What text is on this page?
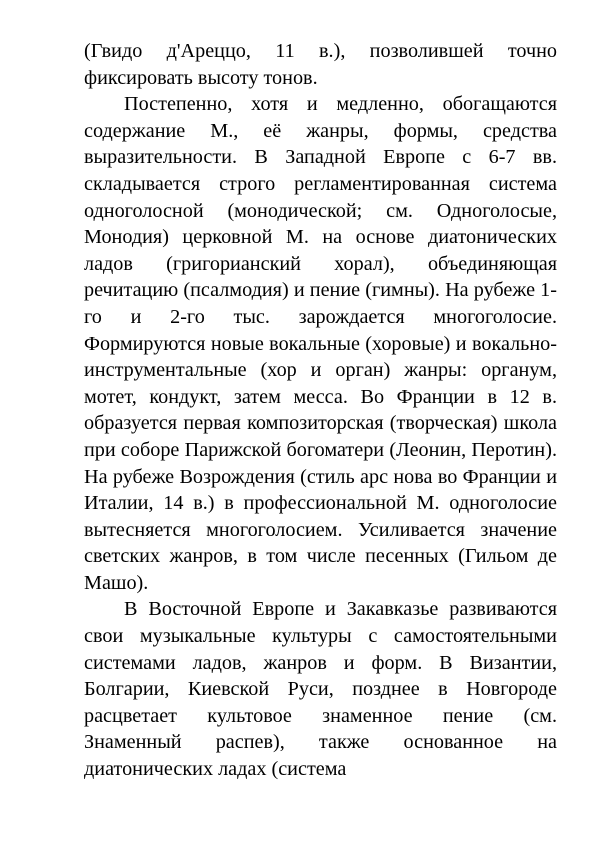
(Гвидо д'Ареццо, 11 в.), позволившей точно фиксировать высоту тонов.

Постепенно, хотя и медленно, обогащаются содержание М., её жанры, формы, средства выразительности. В Западной Европе с 6-7 вв. складывается строго регламентированная система одноголосной (монодической; см. Одноголосые, Монодия) церковной М. на основе диатонических ладов (григорианский хорал), объединяющая речитацию (псалмодия) и пение (гимны). На рубеже 1-го и 2-го тыс. зарождается многоголосие. Формируются новые вокальные (хоровые) и вокально-инструментальные (хор и орган) жанры: органум, мотет, кондукт, затем месса. Во Франции в 12 в. образуется первая композиторская (творческая) школа при соборе Парижской богоматери (Леонин, Перотин). На рубеже Возрождения (стиль арс нова во Франции и Италии, 14 в.) в профессиональной М. одноголосие вытесняется многоголосием. Усиливается значение светских жанров, в том числе песенных (Гильом де Машо).

В Восточной Европе и Закавказье развиваются свои музыкальные культуры с самостоятельными системами ладов, жанров и форм. В Византии, Болгарии, Киевской Руси, позднее в Новгороде расцветает культовое знаменное пение (см. Знаменный распев), также основанное на диатонических ладах (система
